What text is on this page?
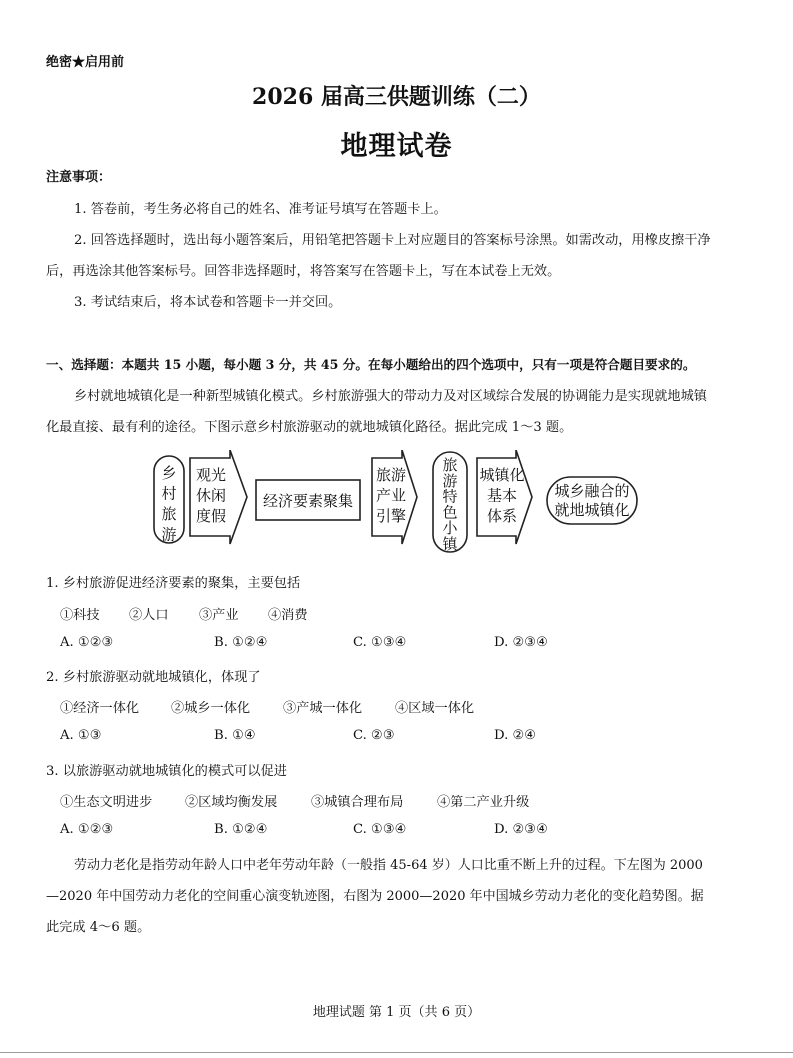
绝密★启用前
2026 届高三供题训练（二）
地理试卷
注意事项：
1. 答卷前，考生务必将自己的姓名、准考证号填写在答题卡上。
2. 回答选择题时，选出每小题答案后，用铅笔把答题卡上对应题目的答案标号涂黑。如需改动，用橡皮擦干净
后，再选涂其他答案标号。回答非选择题时，将答案写在答题卡上，写在本试卷上无效。
3. 考试结束后，将本试卷和答题卡一并交回。
一、选择题：本题共 15 小题，每小题 3 分，共 45 分。在每小题给出的四个选项中，只有一项是符合题目要求的。
乡村就地城镇化是一种新型城镇化模式。乡村旅游强大的带动力及对区域综合发展的协调能力是实现就地城镇
化最直接、最有利的途径。下图示意乡村旅游驱动的就地城镇化路径。据此完成 1～3 题。
乡村旅游
观光休闲度假
经济要素聚集
旅游产业引擎
旅游特色小镇
城镇化基本体系
城乡融合的就地城镇化
1. 乡村旅游促进经济要素的聚集，主要包括
①科技 ②人口 ③产业 ④消费
A. ①②③	B. ①②④	C. ①③④	D. ②③④
2. 乡村旅游驱动就地城镇化，体现了
①经济一体化 ②城乡一体化 ③产城一体化 ④区域一体化
A. ①③	B. ①④	C. ②③	D. ②④
3. 以旅游驱动就地城镇化的模式可以促进
①生态文明进步 ②区域均衡发展	③城镇合理布局	④第二产业升级
A. ①②③	B. ①②④	C. ①③④	D. ②③④
劳动力老化是指劳动年龄人口中老年劳动年龄（一般指 45-64 岁）人口比重不断上升的过程。下左图为 2000
—2020 年中国劳动力老化的空间重心演变轨迹图，右图为 2000—2020 年中国城乡劳动力老化的变化趋势图。据
此完成 4～6 题。
地理试题 第 1 页（共 6 页）
